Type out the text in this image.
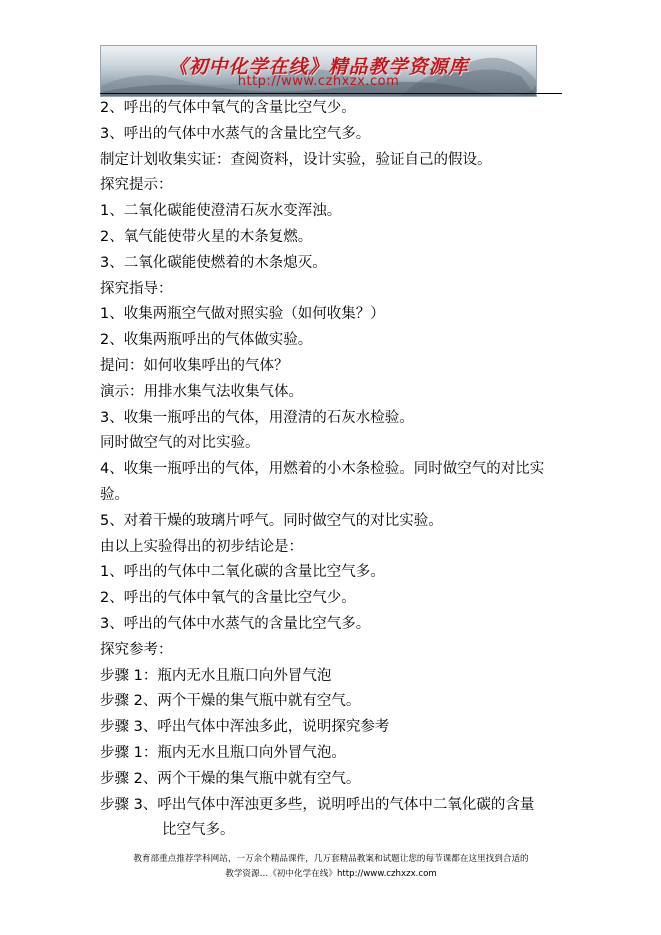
《初中化学在线》精品教学资源库
http://www.czhxzx.com
2、呼出的气体中氧气的含量比空气少。
3、呼出的气体中水蒸气的含量比空气多。
制定计划收集实证：查阅资料，设计实验，验证自己的假设。
探究提示：
1、二氧化碳能使澄清石灰水变浑浊。
2、氧气能使带火星的木条复燃。
3、二氧化碳能使燃着的木条熄灭。
探究指导：
1、收集两瓶空气做对照实验（如何收集？）
2、收集两瓶呼出的气体做实验。
提问：如何收集呼出的气体？
演示：用排水集气法收集气体。
3、收集一瓶呼出的气体，用澄清的石灰水检验。
同时做空气的对比实验。
4、收集一瓶呼出的气体，用燃着的小木条检验。同时做空气的对比实验。
5、对着干燥的玻璃片呼气。同时做空气的对比实验。
由以上实验得出的初步结论是：
1、呼出的气体中二氧化碳的含量比空气多。
2、呼出的气体中氧气的含量比空气少。
3、呼出的气体中水蒸气的含量比空气多。
探究参考：
步骤 1：瓶内无水且瓶口向外冒气泡
步骤 2、两个干燥的集气瓶中就有空气。
步骤 3、呼出气体中浑浊多此，说明探究参考
步骤 1：瓶内无水且瓶口向外冒气泡。
步骤 2、两个干燥的集气瓶中就有空气。
步骤 3、呼出气体中浑浊更多些，说明呼出的气体中二氧化碳的含量
比空气多。
教育部重点推荐学科网站，一万余个精品课件，几万套精品教案和试题让您的每节课都在这里找到合适的
教学资源…《初中化学在线》http://www.czhxzx.com
